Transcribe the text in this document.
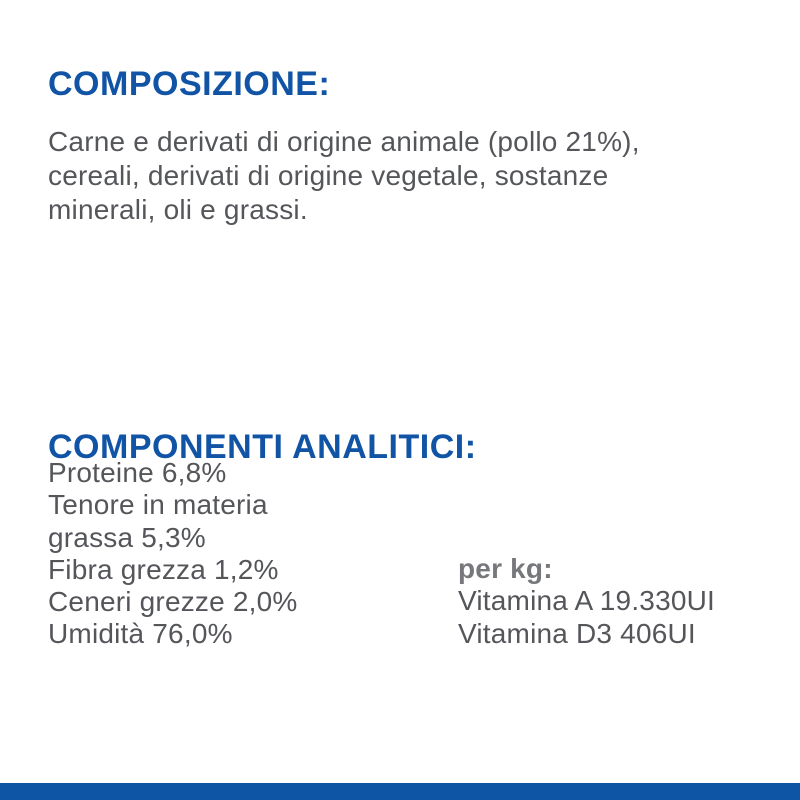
COMPOSIZIONE:

Carne e derivati di origine animale (pollo 21%), cereali, derivati di origine vegetale, sostanze minerali, oli e grassi.

COMPONENTI ANALITICI:
Proteine 6,8%
Tenore in materia
grassa 5,3%
Fibra grezza 1,2%
Ceneri grezze 2,0%
Umidità 76,0%
per kg:
Vitamina A 19.330UI
Vitamina D3 406UI
